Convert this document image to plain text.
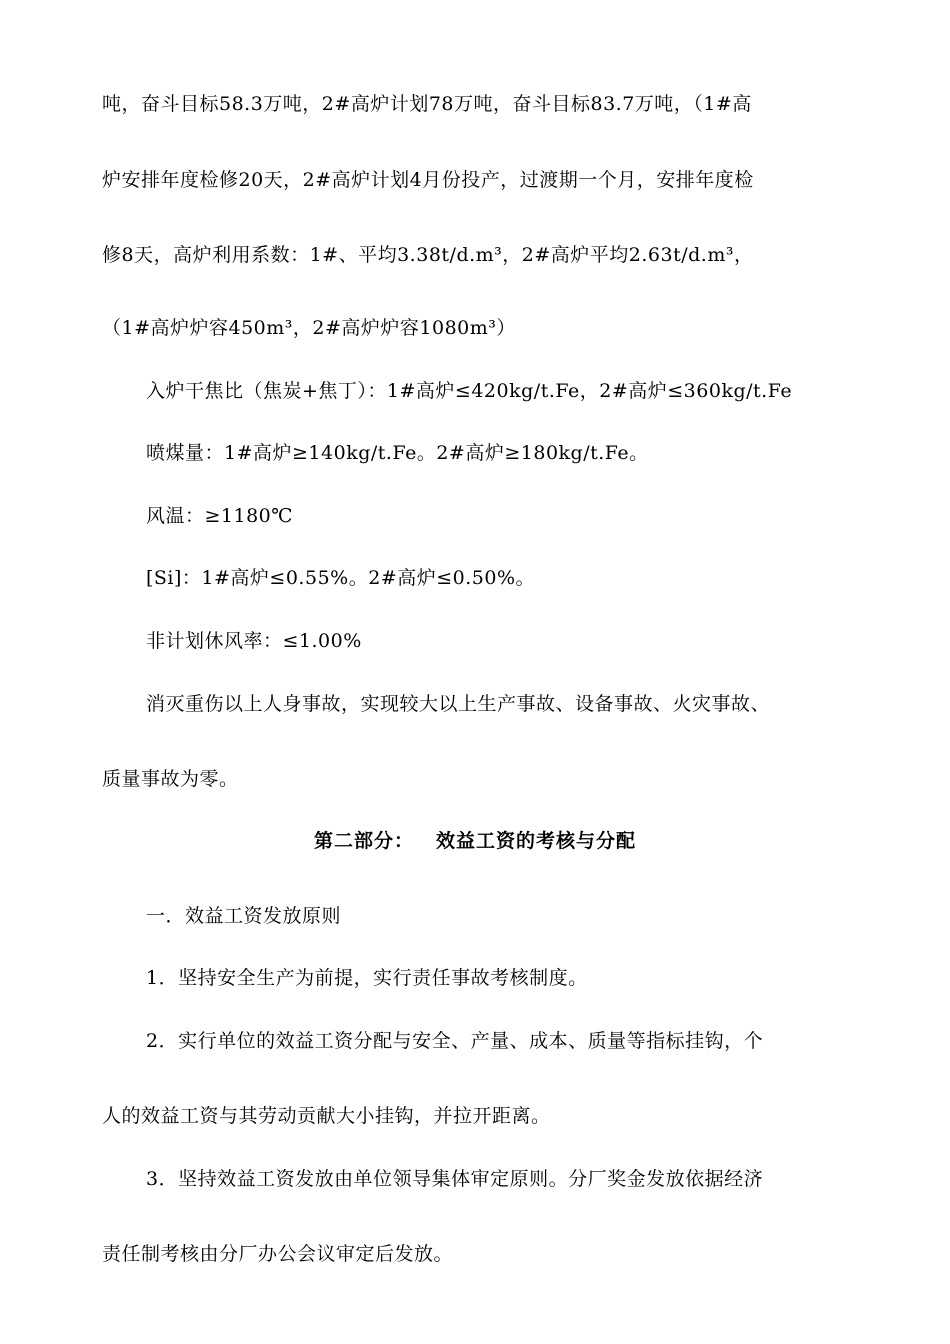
吨，奋斗目标58.3万吨，2#高炉计划78万吨，奋斗目标83.7万吨，（1#高
炉安排年度检修20天，2#高炉计划4月份投产，过渡期一个月，安排年度检
修8天，高炉利用系数：1#、平均3.38t/d.m³，2#高炉平均2.63t/d.m³，
（1#高炉炉容450m³，2#高炉炉容1080m³）
入炉干焦比（焦炭+焦丁）：1#高炉≤420kg/t.Fe，2#高炉≤360kg/t.Fe
喷煤量：1#高炉≥140kg/t.Fe。2#高炉≥180kg/t.Fe。
风温：≥1180℃
[Si]：1#高炉≤0.55%。2#高炉≤0.50%。
非计划休风率：≤1.00%
消灭重伤以上人身事故，实现较大以上生产事故、设备事故、火灾事故、
质量事故为零。
第二部分： 效益工资的考核与分配
一．效益工资发放原则
1．坚持安全生产为前提，实行责任事故考核制度。
2．实行单位的效益工资分配与安全、产量、成本、质量等指标挂钩，个
人的效益工资与其劳动贡献大小挂钩，并拉开距离。
3．坚持效益工资发放由单位领导集体审定原则。分厂奖金发放依据经济
责任制考核由分厂办公会议审定后发放。
